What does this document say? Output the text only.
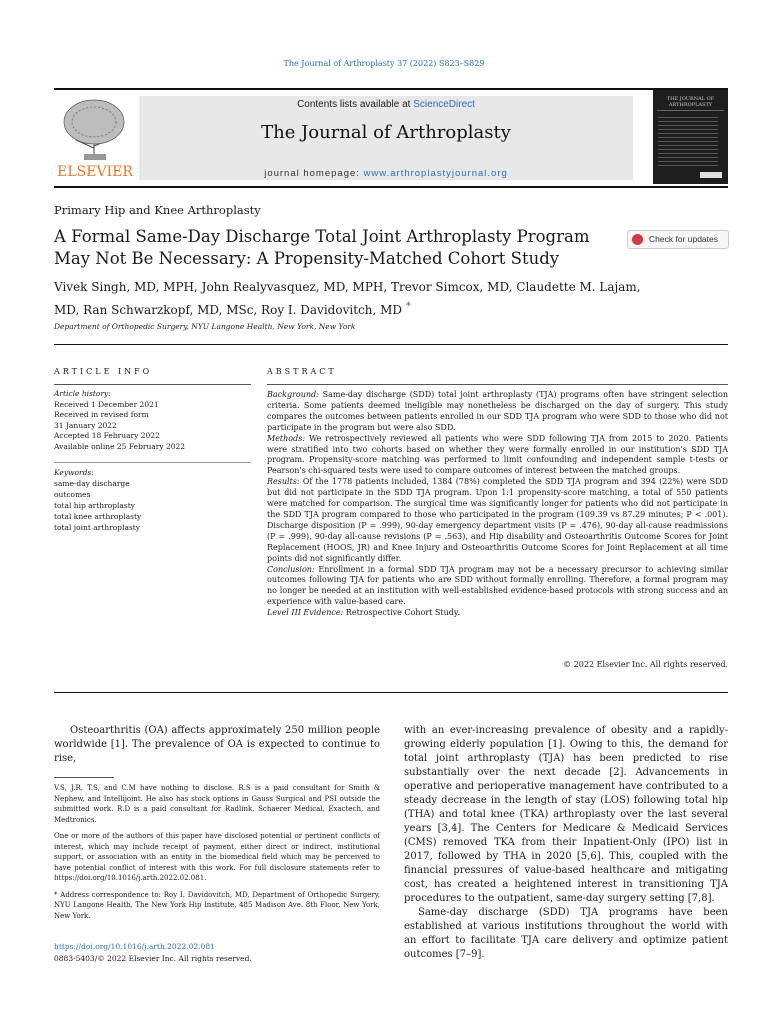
The Journal of Arthroplasty 37 (2022) S823–S829
ELSEVIER
Contents lists available at ScienceDirect
The Journal of Arthroplasty
journal homepage: www.arthroplastyjournal.org
THE JOURNAL OF ARTHROPLASTY
Primary Hip and Knee Arthroplasty
A Formal Same-Day Discharge Total Joint Arthroplasty Program May Not Be Necessary: A Propensity-Matched Cohort Study
Check for updates
Vivek Singh, MD, MPH, John Realyvasquez, MD, MPH, Trevor Simcox, MD, Claudette M. Lajam, MD, Ran Schwarzkopf, MD, MSc, Roy I. Davidovitch, MD *
Department of Orthopedic Surgery, NYU Langone Health, New York, New York
ARTICLE INFO	ABSTRACT
Article history:
Received 1 December 2021
Received in revised form
31 January 2022
Accepted 18 February 2022
Available online 25 February 2022
Keywords:
same-day discharge
outcomes
total hip arthroplasty
total knee arthroplasty
total joint arthroplasty

Background: Same-day discharge (SDD) total joint arthroplasty (TJA) programs often have stringent selection criteria. Some patients deemed ineligible may nonetheless be discharged on the day of surgery. This study compares the outcomes between patients enrolled in our SDD TJA program who were SDD to those who did not participate in the program but were also SDD.

Methods: We retrospectively reviewed all patients who were SDD following TJA from 2015 to 2020. Patients were stratified into two cohorts based on whether they were formally enrolled in our institution's SDD TJA program. Propensity-score matching was performed to limit confounding and independent sample t-tests or Pearson's chi-squared tests were used to compare outcomes of interest between the matched groups.

Results: Of the 1778 patients included, 1384 (78%) completed the SDD TJA program and 394 (22%) were SDD but did not participate in the SDD TJA program. Upon 1:1 propensity-score matching, a total of 550 patients were matched for comparison. The surgical time was significantly longer for patients who did not participate in the SDD TJA program compared to those who participated in the program (109.39 vs 87.29 minutes; P < .001). Discharge disposition (P = .999), 90-day emergency department visits (P = .476), 90-day all-cause readmissions (P = .999), 90-day all-cause revisions (P = .563), and Hip disability and Osteoarthritis Outcome Scores for Joint Replacement (HOOS, JR) and Knee Injury and Osteoarthritis Outcome Scores for Joint Replacement at all time points did not significantly differ.

Conclusion: Enrollment in a formal SDD TJA program may not be a necessary precursor to achieving similar outcomes following TJA for patients who are SDD without formally enrolling. Therefore, a formal program may no longer be needed at an institution with well-established evidence-based protocols with strong success and an experience with value-based care.

Level III Evidence: Retrospective Cohort Study.

© 2022 Elsevier Inc. All rights reserved.
Osteoarthritis (OA) affects approximately 250 million people worldwide [1]. The prevalence of OA is expected to continue to rise,

V.S, J.R, T.S, and C.M have nothing to disclose. R.S is a paid consultant for Smith & Nephew, and Intellijoint. He also has stock options in Gauss Surgical and PSI outside the submitted work. R.D is a paid consultant for Radlink, Schaerer Medical, Exactech, and Medtronics.

One or more of the authors of this paper have disclosed potential or pertinent conflicts of interest, which may include receipt of payment, either direct or indirect, institutional support, or association with an entity in the biomedical field which may be perceived to have potential conflict of interest with this work. For full disclosure statements refer to https://doi.org/10.1016/j.arth.2022.02.081.

* Address correspondence to: Roy I. Davidovitch, MD, Department of Orthopedic Surgery, NYU Langone Health, The New York Hip Institute, 485 Madison Ave. 8th Floor, New York, New York.

https://doi.org/10.1016/j.arth.2022.02.081
0883-5403/© 2022 Elsevier Inc. All rights reserved.

with an ever-increasing prevalence of obesity and a rapidly-growing elderly population [1]. Owing to this, the demand for total joint arthroplasty (TJA) has been predicted to rise substantially over the next decade [2]. Advancements in operative and perioperative management have contributed to a steady decrease in the length of stay (LOS) following total hip (THA) and total knee (TKA) arthroplasty over the last several years [3,4]. The Centers for Medicare & Medicaid Services (CMS) removed TKA from their Inpatient-Only (IPO) list in 2017, followed by THA in 2020 [5,6]. This, coupled with the financial pressures of value-based healthcare and mitigating cost, has created a heightened interest in transitioning TJA procedures to the outpatient, same-day surgery setting [7,8].

Same-day discharge (SDD) TJA programs have been established at various institutions throughout the world with an effort to facilitate TJA care delivery and optimize patient outcomes [7–9].
